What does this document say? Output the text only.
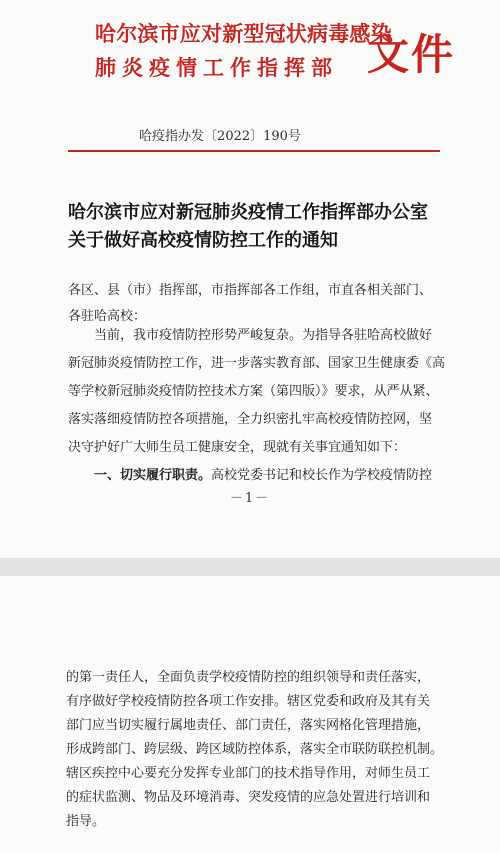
哈尔滨市应对新型冠状病毒感染
肺炎疫情工作指挥部 文件
哈疫指办发〔2022〕190号
哈尔滨市应对新冠肺炎疫情工作指挥部办公室
关于做好高校疫情防控工作的通知
各区、县（市）指挥部，市指挥部各工作组，市直各相关部门、
各驻哈高校：
当前，我市疫情防控形势严峻复杂。为指导各驻哈高校做好
新冠肺炎疫情防控工作，进一步落实教育部、国家卫生健康委《高
等学校新冠肺炎疫情防控技术方案（第四版）》要求，从严从紧、
落实落细疫情防控各项措施，全力织密扎牢高校疫情防控网，坚
决守护好广大师生员工健康安全，现就有关事宜通知如下：
一、切实履行职责。高校党委书记和校长作为学校疫情防控
－1－
的第一责任人，全面负责学校疫情防控的组织领导和责任落实，
有序做好学校疫情防控各项工作安排。辖区党委和政府及其有关
部门应当切实履行属地责任、部门责任，落实网格化管理措施，
形成跨部门、跨层级、跨区域防控体系，落实全市联防联控机制。
辖区疾控中心要充分发挥专业部门的技术指导作用，对师生员工
的症状监测、物品及环境消毒、突发疫情的应急处置进行培训和
指导。
